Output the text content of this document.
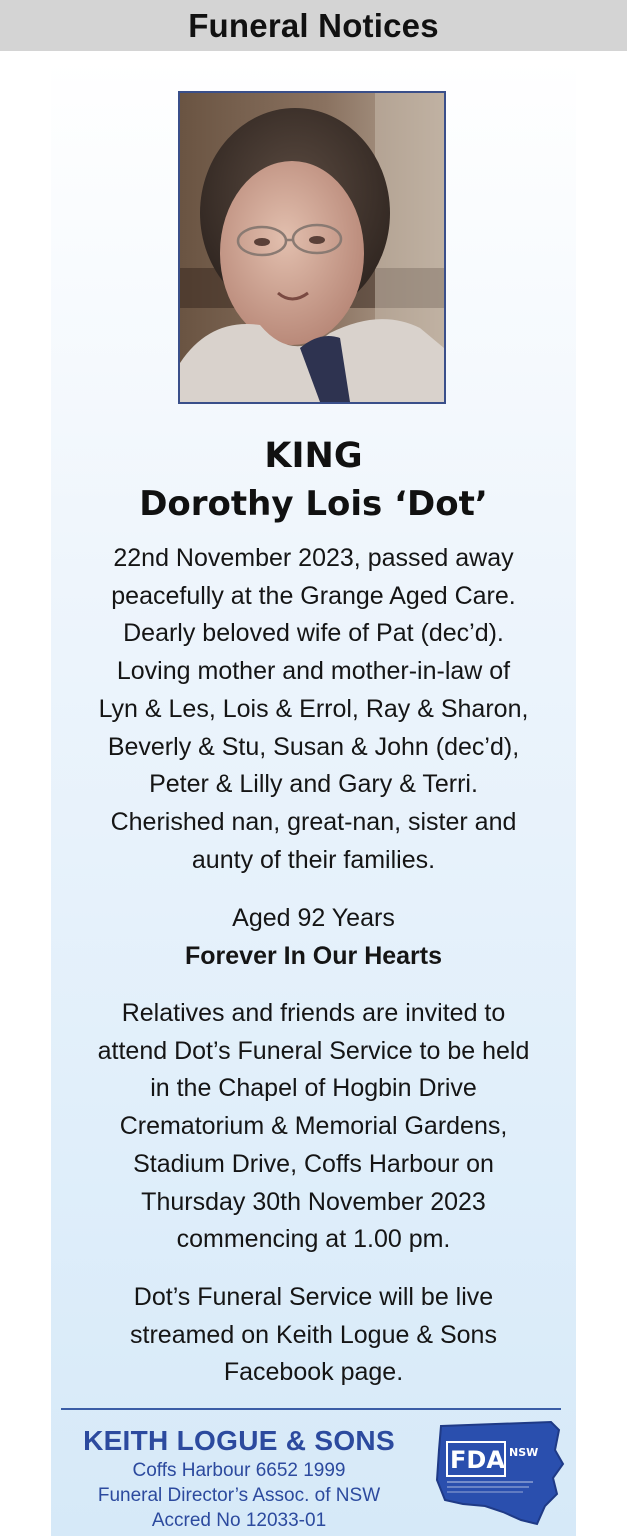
Funeral Notices
KING
Dorothy Lois ‘Dot’
22nd November 2023, passed away
peacefully at the Grange Aged Care.
Dearly beloved wife of Pat (dec’d).
Loving mother and mother-in-law of
Lyn & Les, Lois & Errol, Ray & Sharon,
Beverly & Stu, Susan & John (dec’d),
Peter & Lilly and Gary & Terri.
Cherished nan, great-nan, sister and
aunty of their families.
Aged 92 Years
Forever In Our Hearts
Relatives and friends are invited to
attend Dot’s Funeral Service to be held
in the Chapel of Hogbin Drive
Crematorium & Memorial Gardens,
Stadium Drive, Coffs Harbour on
Thursday 30th November 2023
commencing at 1.00 pm.
Dot’s Funeral Service will be live
streamed on Keith Logue & Sons
Facebook page.
KEITH LOGUE & SONS
Coffs Harbour 6652 1999
Funeral Director’s Assoc. of NSW
Accred No 12033-01
FDA NSW
